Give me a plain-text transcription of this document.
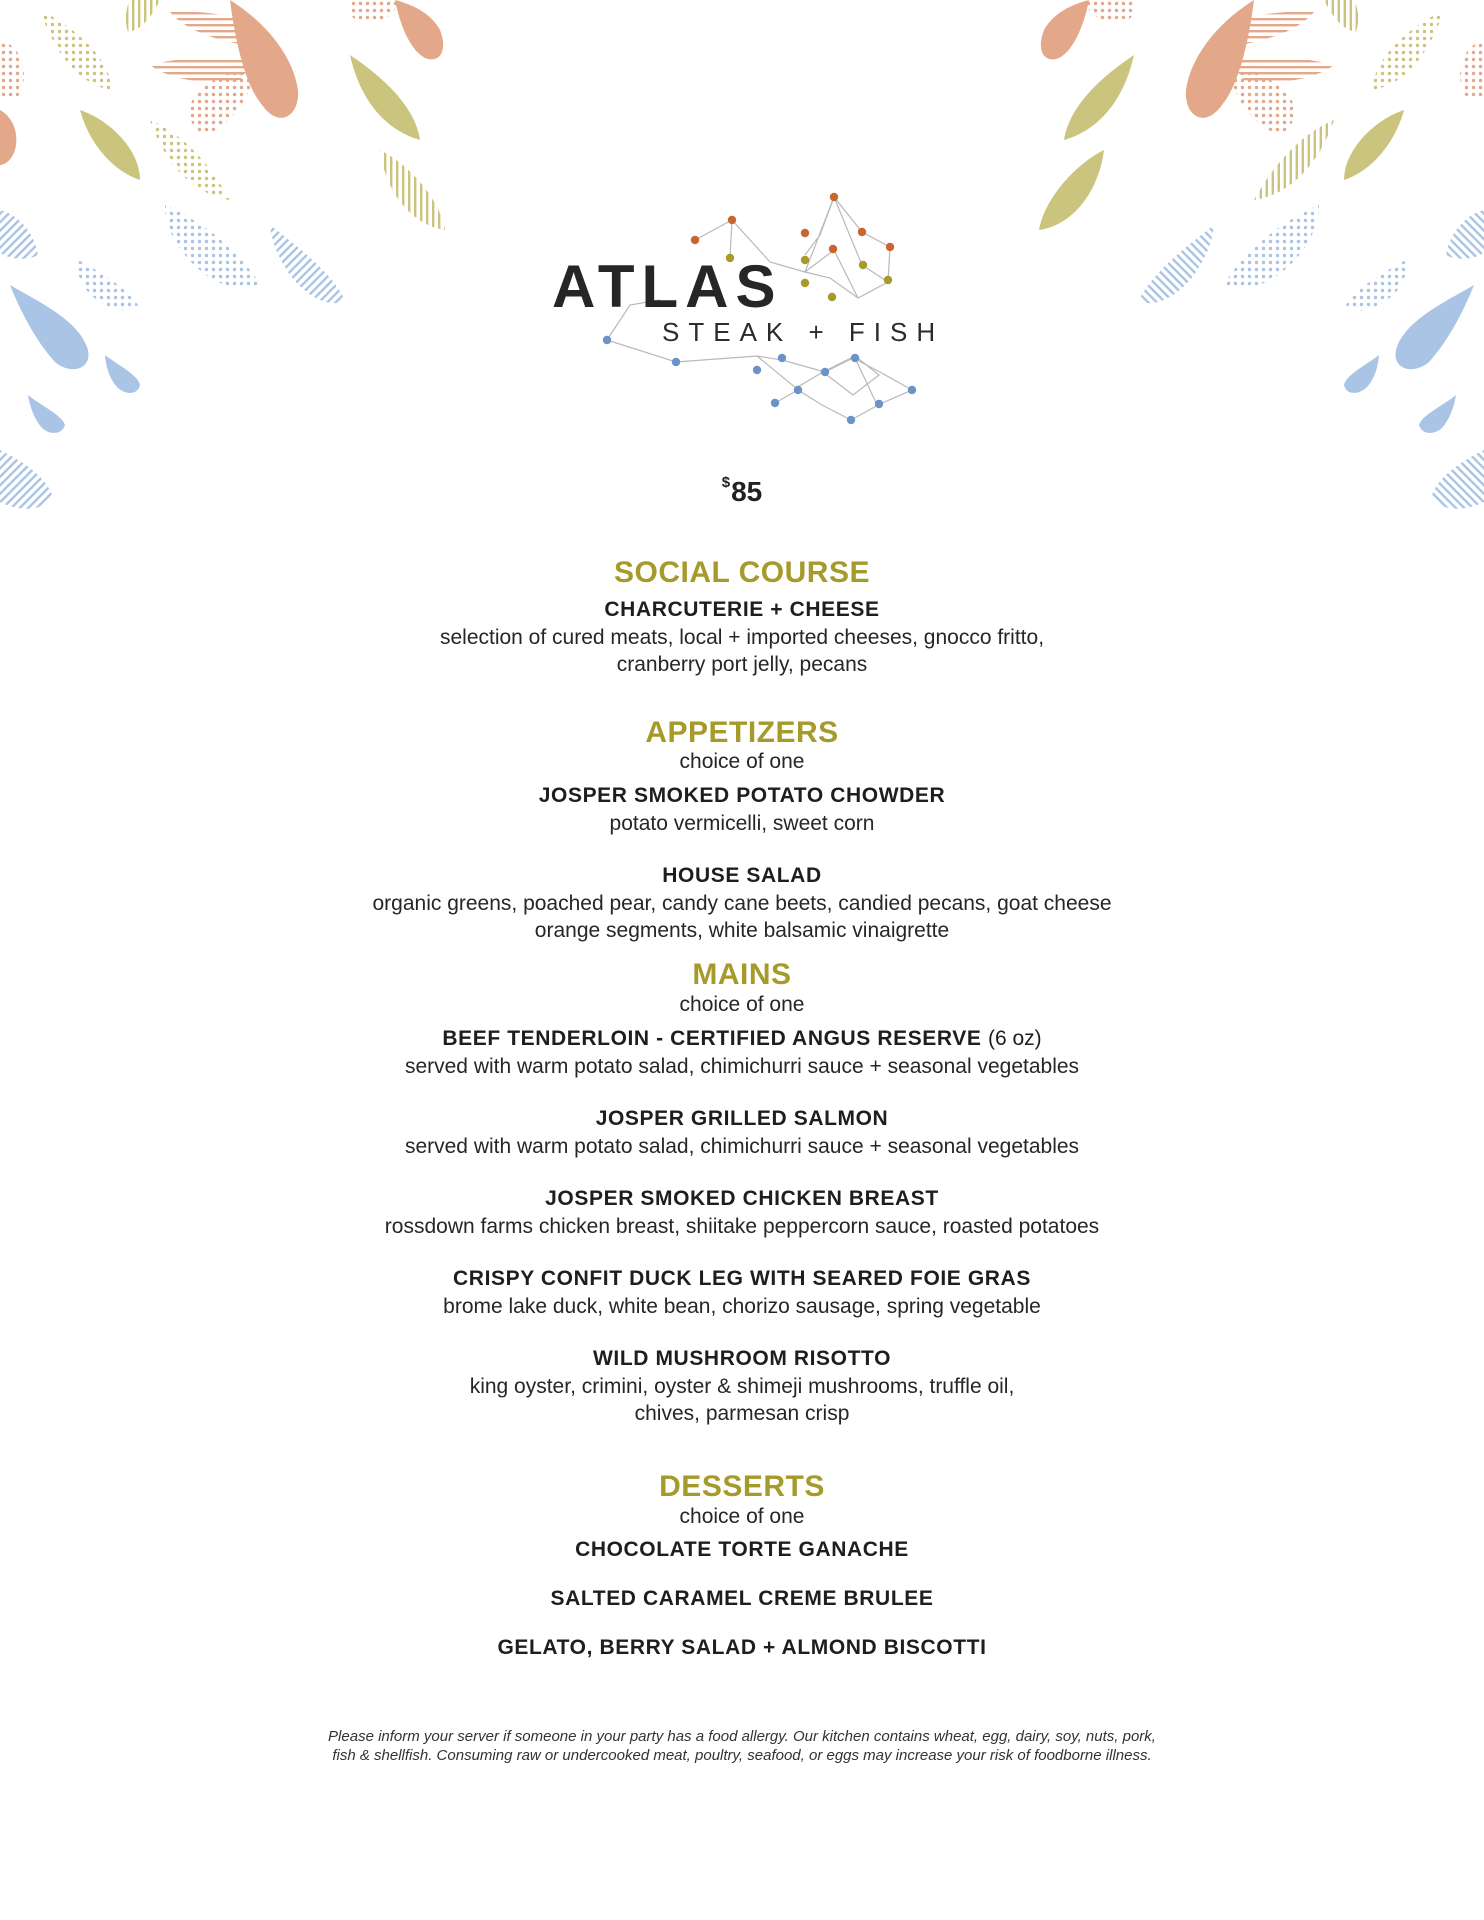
ATLAS
STEAK + FISH
$85
SOCIAL COURSE
CHARCUTERIE + CHEESE
selection of cured meats, local + imported cheeses, gnocco fritto,
cranberry port jelly, pecans
APPETIZERS
choice of one
JOSPER SMOKED POTATO CHOWDER
potato vermicelli, sweet corn
HOUSE SALAD
organic greens, poached pear, candy cane beets, candied pecans, goat cheese
orange segments, white balsamic vinaigrette
MAINS
choice of one
BEEF TENDERLOIN - CERTIFIED ANGUS RESERVE (6 oz)
served with warm potato salad, chimichurri sauce + seasonal vegetables
JOSPER GRILLED SALMON
served with warm potato salad, chimichurri sauce + seasonal vegetables
JOSPER SMOKED CHICKEN BREAST
rossdown farms chicken breast, shiitake peppercorn sauce, roasted potatoes
CRISPY CONFIT DUCK LEG WITH SEARED FOIE GRAS
brome lake duck, white bean, chorizo sausage, spring vegetable
WILD MUSHROOM RISOTTO
king oyster, crimini, oyster & shimeji mushrooms, truffle oil,
chives, parmesan crisp
DESSERTS
choice of one
CHOCOLATE TORTE GANACHE
SALTED CARAMEL CREME BRULEE
GELATO, BERRY SALAD + ALMOND BISCOTTI
Please inform your server if someone in your party has a food allergy. Our kitchen contains wheat, egg, dairy, soy, nuts, pork,
fish & shellfish. Consuming raw or undercooked meat, poultry, seafood, or eggs may increase your risk of foodborne illness.
